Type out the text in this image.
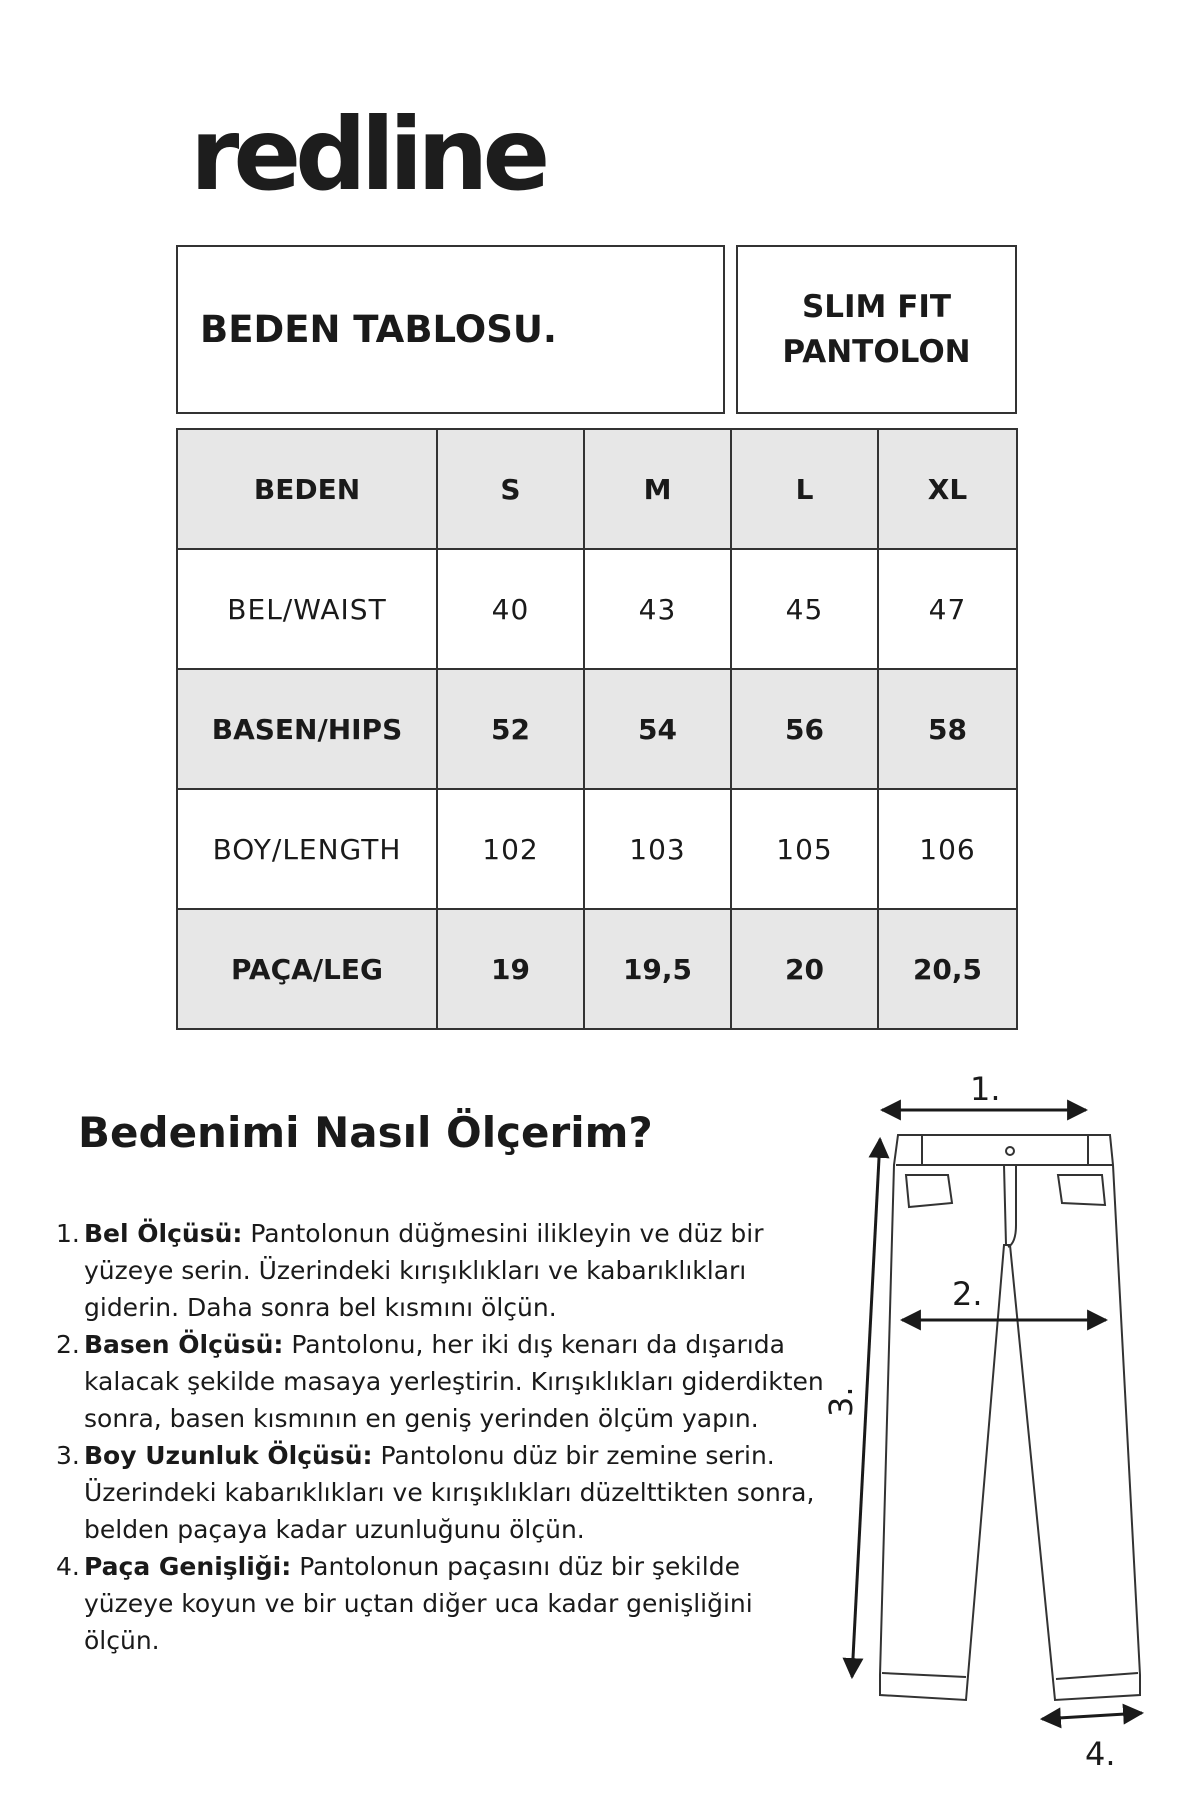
redline
BEDEN TABLOSU.
SLIM FIT
PANTOLON
BEDEN	S	M	L	XL
BEL/WAIST	40	43	45	47
BASEN/HIPS	52	54	56	58
BOY/LENGTH	102	103	105	106
PAÇA/LEG	19	19,5	20	20,5
Bedenimi Nasıl Ölçerim?
1. Bel Ölçüsü: Pantolonun düğmesini ilikleyin ve düz bir yüzeye serin. Üzerindeki kırışıklıkları ve kabarıklıkları giderin. Daha sonra bel kısmını ölçün.
2. Basen Ölçüsü: Pantolonu, her iki dış kenarı da dışarıda kalacak şekilde masaya yerleştirin. Kırışıklıkları giderdikten sonra, basen kısmının en geniş yerinden ölçüm yapın.
3. Boy Uzunluk Ölçüsü: Pantolonu düz bir zemine serin. Üzerindeki kabarıklıkları ve kırışıklıkları düzelttikten sonra, belden paçaya kadar uzunluğunu ölçün.
4. Paça Genişliği: Pantolonun paçasını düz bir şekilde yüzeye koyun ve bir uçtan diğer uca kadar genişliğini ölçün.
1.
2.
3.
4.
